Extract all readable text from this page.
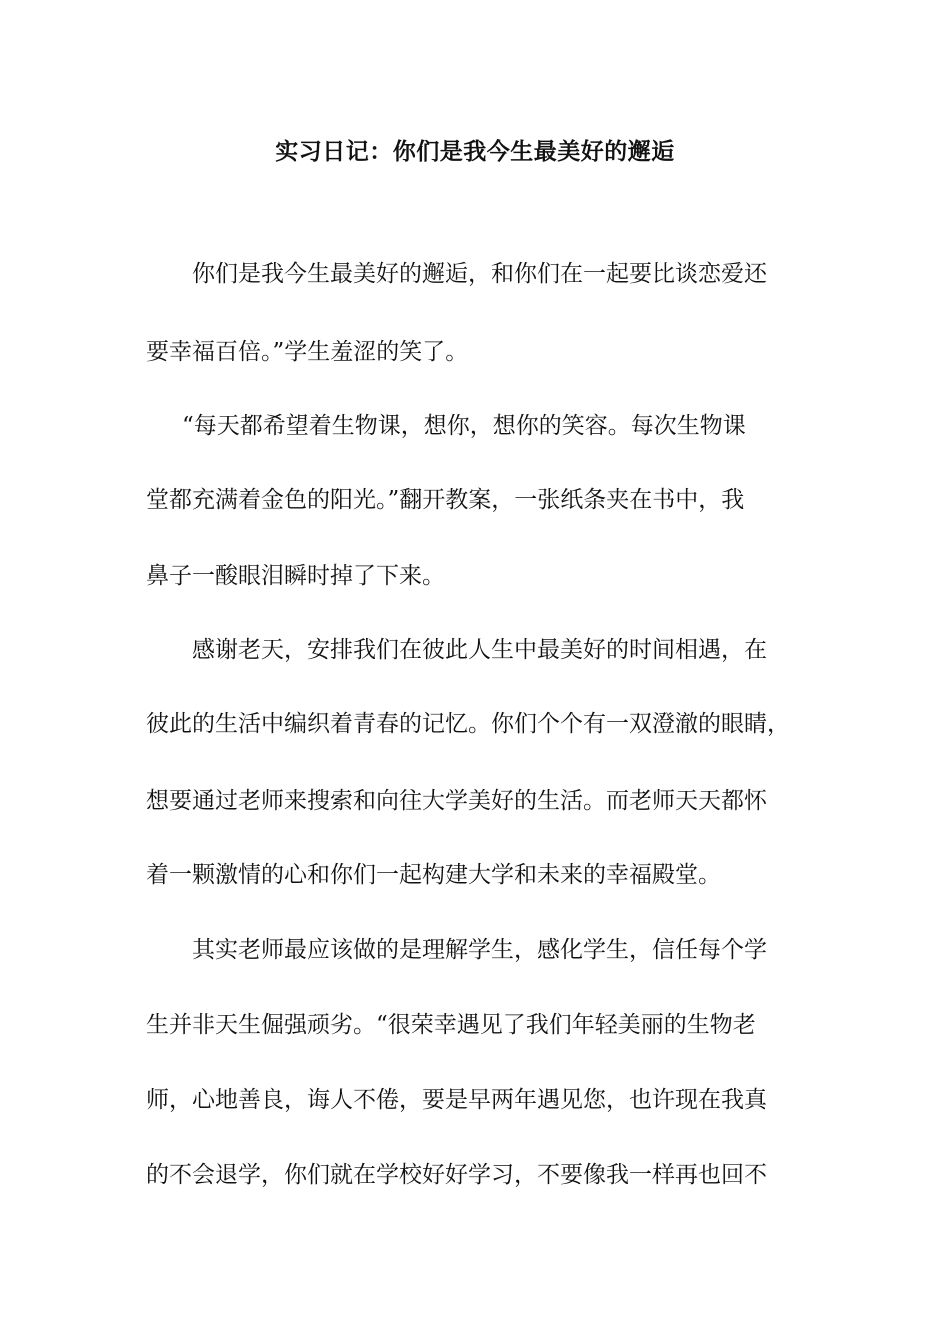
实习日记：你们是我今生最美好的邂逅

你们是我今生最美好的邂逅，和你们在一起要比谈恋爱还

要幸福百倍。”学生羞涩的笑了。

“每天都希望着生物课，想你，想你的笑容。每次生物课

堂都充满着金色的阳光。”翻开教案，一张纸条夹在书中，我

鼻子一酸眼泪瞬时掉了下来。

感谢老天，安排我们在彼此人生中最美好的时间相遇，在

彼此的生活中编织着青春的记忆。你们个个有一双澄澈的眼睛，

想要通过老师来搜索和向往大学美好的生活。而老师天天都怀

着一颗激情的心和你们一起构建大学和未来的幸福殿堂。

其实老师最应该做的是理解学生，感化学生，信任每个学

生并非天生倔强顽劣。“很荣幸遇见了我们年轻美丽的生物老

师，心地善良，诲人不倦，要是早两年遇见您，也许现在我真

的不会退学，你们就在学校好好学习，不要像我一样再也回不
